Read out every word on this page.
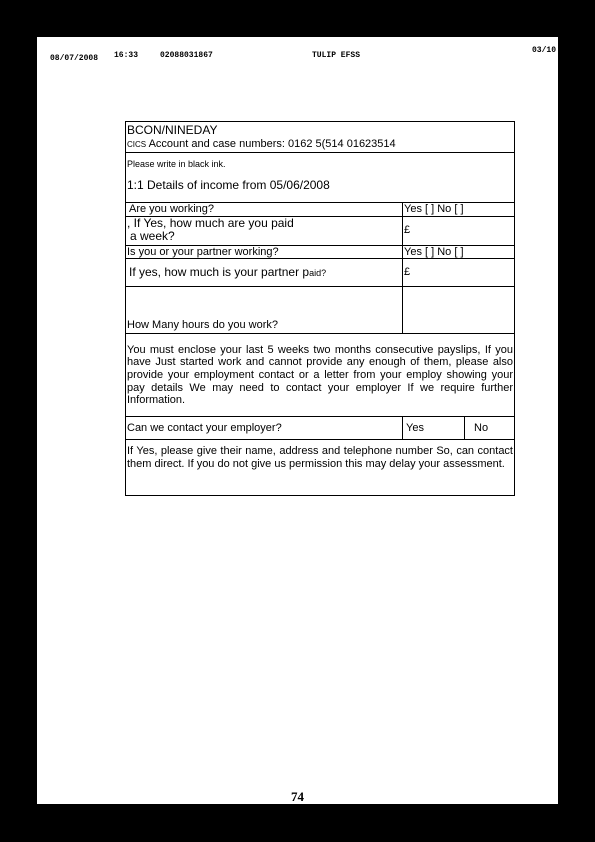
08/07/2008 16:33	02088031867	TULIP EFSS
03/10
BCON/NINEDAY
CICS Account and case numbers: 0162 5(514 01623514		

Please write in black ink.
1:1 Details of income from 05/06/2008		

Are you working?	Yes [ ] No [ ]	

, If Yes, how much are you paid
a week?	£	
Is you or your partner working?	Yes [ ] No [ ]	
If yes, how much is your partner paid?	£	
How Many hours do you work?		
You must enclose your last 5 weeks two months consecutive payslips, If you have Just started work and cannot provide any enough of them, please also provide your employment contact or a letter from your employ showing your pay details We may need to contact your employer If we require further Information.		
Can we contact your employer?	Yes	No
If Yes, please give their name, address and telephone number So, can contact them direct. If you do not give us permission this may delay your assessment.		
74
